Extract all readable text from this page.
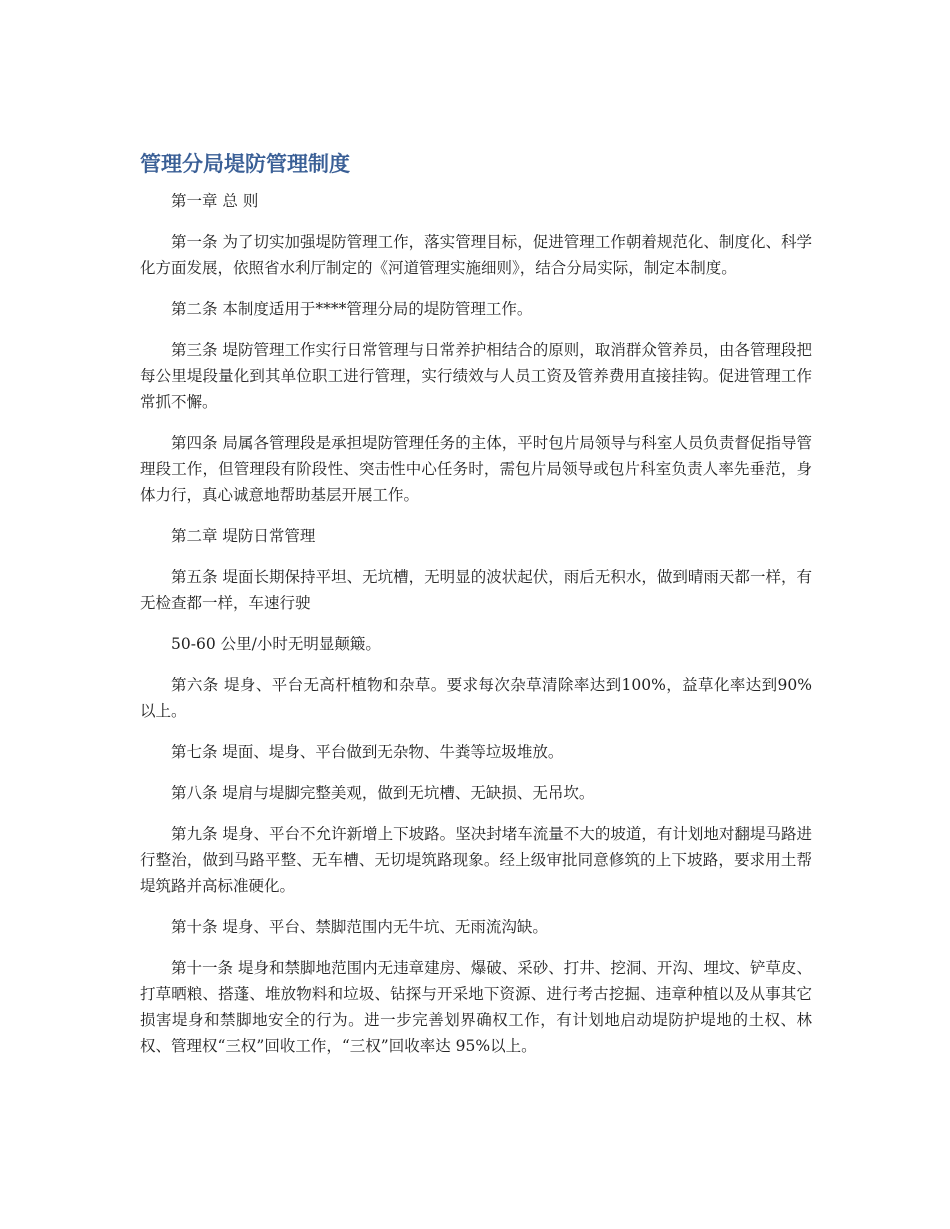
管理分局堤防管理制度

第一章 总 则

第一条 为了切实加强堤防管理工作，落实管理目标，促进管理工作朝着规范化、制度化、科学化方面发展，依照省水利厅制定的《河道管理实施细则》，结合分局实际，制定本制度。

第二条 本制度适用于****管理分局的堤防管理工作。

第三条 堤防管理工作实行日常管理与日常养护相结合的原则，取消群众管养员，由各管理段把每公里堤段量化到其单位职工进行管理，实行绩效与人员工资及管养费用直接挂钩。促进管理工作常抓不懈。

第四条 局属各管理段是承担堤防管理任务的主体，平时包片局领导与科室人员负责督促指导管理段工作，但管理段有阶段性、突击性中心任务时，需包片局领导或包片科室负责人率先垂范，身体力行，真心诚意地帮助基层开展工作。

第二章 堤防日常管理

第五条 堤面长期保持平坦、无坑槽，无明显的波状起伏，雨后无积水，做到晴雨天都一样，有无检查都一样，车速行驶

50-60 公里/小时无明显颠簸。

第六条 堤身、平台无高杆植物和杂草。要求每次杂草清除率达到100%，益草化率达到90%以上。

第七条 堤面、堤身、平台做到无杂物、牛粪等垃圾堆放。

第八条 堤肩与堤脚完整美观，做到无坑槽、无缺损、无吊坎。

第九条 堤身、平台不允许新增上下坡路。坚决封堵车流量不大的坡道，有计划地对翻堤马路进行整治，做到马路平整、无车槽、无切堤筑路现象。经上级审批同意修筑的上下坡路，要求用土帮堤筑路并高标准硬化。

第十条 堤身、平台、禁脚范围内无牛坑、无雨流沟缺。

第十一条 堤身和禁脚地范围内无违章建房、爆破、采砂、打井、挖洞、开沟、埋坟、铲草皮、打草晒粮、搭蓬、堆放物料和垃圾、钻探与开采地下资源、进行考古挖掘、违章种植以及从事其它损害堤身和禁脚地安全的行为。进一步完善划界确权工作，有计划地启动堤防护堤地的土权、林权、管理权“三权”回收工作，“三权”回收率达 95%以上。
